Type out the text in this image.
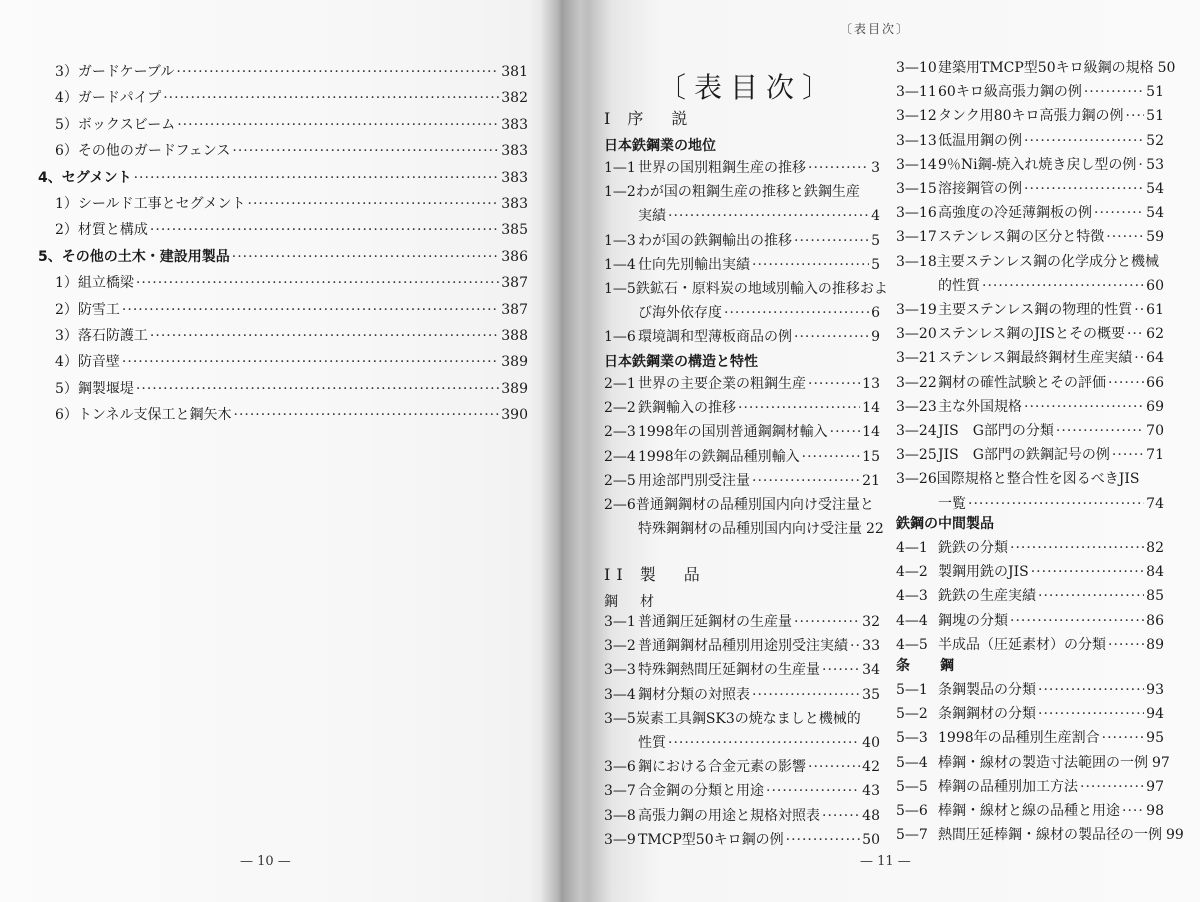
3）ガードケーブル ·····	381
4）ガードパイプ ·····	382
5）ボックスビーム ·····	383
6）その他のガードフェンス ·····	383
4、セグメント ·····	383
1）シールド工事とセグメント ·····	383
2）材質と構成 ·····	385
5、その他の土木・建設用製品 ·····	386
1）組立橋梁 ·····	387
2）防雪工 ·····	387
3）落石防護工 ·····	388
4）防音壁 ·····	389
5）鋼製堰堤 ·····	389
6）トンネル支保工と鋼矢木 ·····	390
— 10 —
〔表目次〕
〔表目次〕
I 序　説
日本鉄鋼業の地位
1—1 世界の国別粗鋼生産の推移 ·····	3
1—2わが国の粗鋼生産の推移と鉄鋼生産
実績 ·····	4
1—3 わが国の鉄鋼輸出の推移 ·····	5
1—4 仕向先別輸出実績 ·····	5
1—5鉄鉱石・原料炭の地域別輸入の推移およ
び海外依存度 ·····	6
1—6 環境調和型薄板商品の例 ·····	9
日本鉄鋼業の構造と特性
2—1 世界の主要企業の粗鋼生産 ·····	13
2—2 鉄鋼輸入の推移 ·····	14
2—3 1998年の国別普通鋼鋼材輸入 ····· 14
2—4 1998年の鉄鋼品種別輸入 ·····	15
2—5 用途部門別受注量 ·····	21
2—6普通鋼鋼材の品種別国内向け受注量と
特殊鋼鋼材の品種別国内向け受注量 22
II 製　品
鋼　材
3—1 普通鋼圧延鋼材の生産量 ·····	32
3—2 普通鋼鋼材品種別用途別受注実績 ····· 33
3—3 特殊鋼熱間圧延鋼材の生産量 ·····	34
3—4 鋼材分類の対照表 ·····	35
3—5炭素工具鋼SK3の焼なましと機械的
性質 ·····	40
3—6 鋼における合金元素の影響 ·····	42
3—7 合金鋼の分類と用途 ·····	43
3—8 高張力鋼の用途と規格対照表 ·····	48
3—9 TMCP型50キロ鋼の例 ·····	50
3—10 建築用TMCP型50キロ級鋼の規格 50
3—11 60キロ級高張力鋼の例 ·····	51
3—12 タンク用80キロ高張力鋼の例 ····· 51
3—13 低温用鋼の例 ·····	52
3—14 9％Ni鋼-焼入れ焼き戻し型の例 ····· 53
3—15 溶接鋼管の例 ·····	54
3—16 高強度の冷延薄鋼板の例 ·····	54
3—17 ステンレス鋼の区分と特徴 ·····	59
3—18主要ステンレス鋼の化学成分と機械
的性質 ·····	60
3—19 主要ステンレス鋼の物理的性質 ····· 61
3—20 ステンレス鋼のJISとその概要 ····· 62
3—21 ステンレス鋼最終鋼材生産実績 ····· 64
3—22 鋼材の確性試験とその評価 ·····	66
3—23 主な外国規格 ·····	69
3—24 JIS　G部門の分類 ·····	70
3—25 JIS　G部門の鉄鋼記号の例 ·····	71
3—26国際規格と整合性を図るべきJIS
一覧 ·····	74
鉄鋼の中間製品
4—1 銑鉄の分類 ·····	82
4—2 製鋼用銑のJIS ·····	84
4—3 銑鉄の生産実績 ·····	85
4—4 鋼塊の分類 ·····	86
4—5 半成品（圧延素材）の分類 ·····	89
条　鋼
5—1 条鋼製品の分類 ·····	93
5—2 条鋼鋼材の分類 ·····	94
5—3 1998年の品種別生産割合 ·····	95
5—4 棒鋼・線材の製造寸法範囲の一例 97
5—5 棒鋼の品種別加工方法 ·····	97
5—6 棒鋼・線材と線の品種と用途 ····· 98
5—7 熱間圧延棒鋼・線材の製品径の一例 99
— 11 —
